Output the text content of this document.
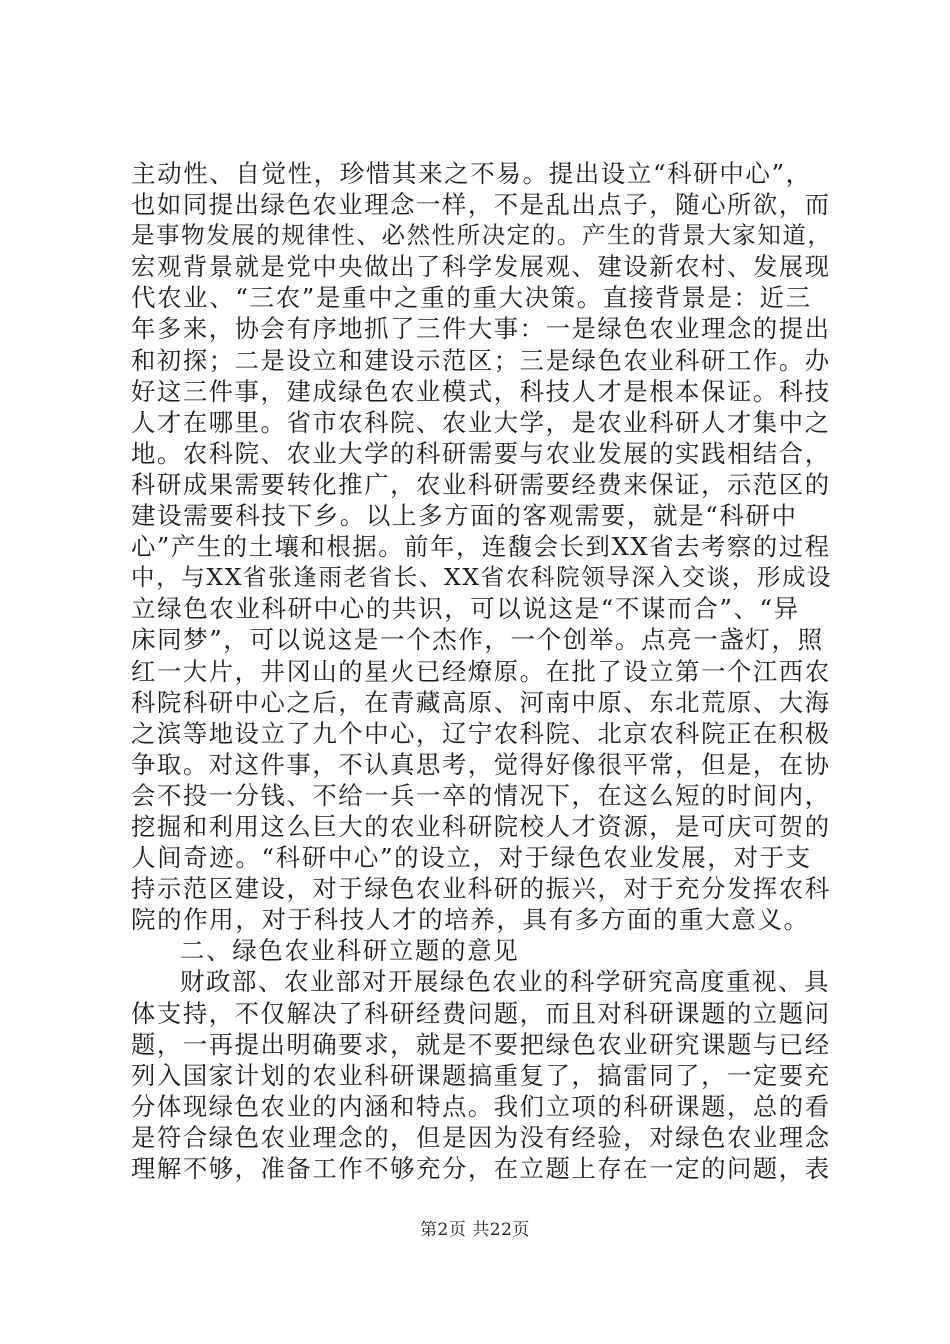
主动性、自觉性，珍惜其来之不易。提出设立“科研中心”，
也如同提出绿色农业理念一样，不是乱出点子，随心所欲，而
是事物发展的规律性、必然性所决定的。产生的背景大家知道，
宏观背景就是党中央做出了科学发展观、建设新农村、发展现
代农业、“三农”是重中之重的重大决策。直接背景是：近三
年多来，协会有序地抓了三件大事：一是绿色农业理念的提出
和初探；二是设立和建设示范区；三是绿色农业科研工作。办
好这三件事，建成绿色农业模式，科技人才是根本保证。科技
人才在哪里。省市农科院、农业大学，是农业科研人才集中之
地。农科院、农业大学的科研需要与农业发展的实践相结合，
科研成果需要转化推广，农业科研需要经费来保证，示范区的
建设需要科技下乡。以上多方面的客观需要，就是“科研中
心”产生的土壤和根据。前年，连馥会长到XX省去考察的过程
中，与XX省张逢雨老省长、XX省农科院领导深入交谈，形成设
立绿色农业科研中心的共识，可以说这是“不谋而合”、“异
床同梦”，可以说这是一个杰作，一个创举。点亮一盏灯，照
红一大片，井冈山的星火已经燎原。在批了设立第一个江西农
科院科研中心之后，在青藏高原、河南中原、东北荒原、大海
之滨等地设立了九个中心，辽宁农科院、北京农科院正在积极
争取。对这件事，不认真思考，觉得好像很平常，但是，在协
会不投一分钱、不给一兵一卒的情况下，在这么短的时间内，
挖掘和利用这么巨大的农业科研院校人才资源，是可庆可贺的
人间奇迹。“科研中心”的设立，对于绿色农业发展，对于支
持示范区建设，对于绿色农业科研的振兴，对于充分发挥农科
院的作用，对于科技人才的培养，具有多方面的重大意义。
二、绿色农业科研立题的意见
财政部、农业部对开展绿色农业的科学研究高度重视、具
体支持，不仅解决了科研经费问题，而且对科研课题的立题问
题，一再提出明确要求，就是不要把绿色农业研究课题与已经
列入国家计划的农业科研课题搞重复了，搞雷同了，一定要充
分体现绿色农业的内涵和特点。我们立项的科研课题，总的看
是符合绿色农业理念的，但是因为没有经验，对绿色农业理念
理解不够，准备工作不够充分，在立题上存在一定的问题，表
第2页 共22页
